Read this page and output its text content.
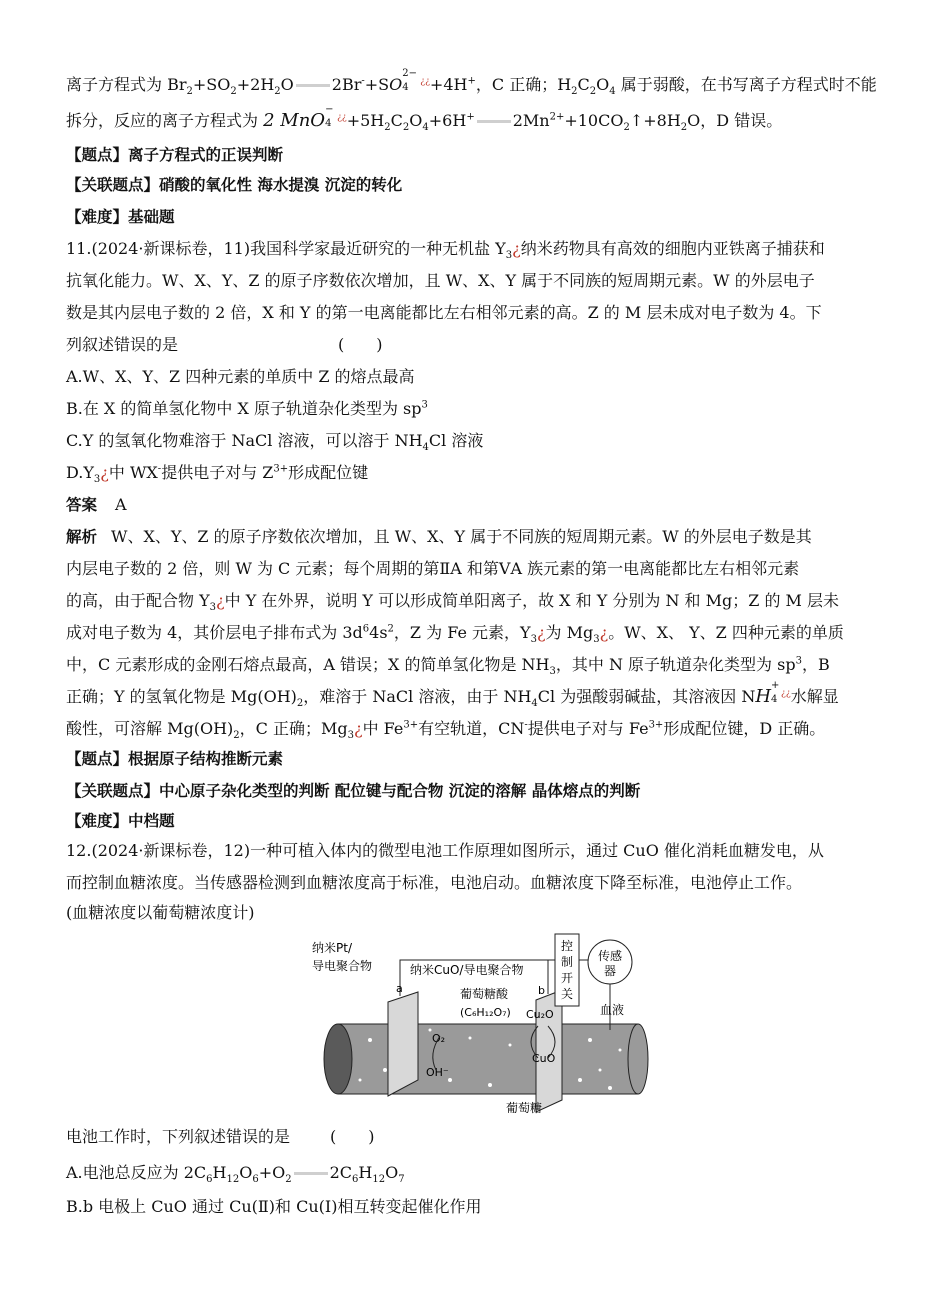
离子方程式为 $Br_2+SO_2+2H_2O$ 2Br-+SO
2−
4
¿¿+4H+，C 正确；$H_2C_2O_4$ 属于弱酸，在书写离子方程式时不能
拆分，反应的离子方程式为 2 MnO
−
4
$^{¿¿}+5H_2C_2O_4+6H^+$ $2Mn^{2+}+10CO_2↑+8H_2O$，D 错误。
【题点】离子方程式的正误判断
【关联题点】硝酸的氧化性 海水提溴 沉淀的转化
【难度】基础题
11.(2024·新课标卷，11)我国科学家最近研究的一种无机盐 $Y_3¿$纳米药物具有高效的细胞内亚铁离子捕获和
抗氧化能力。W、X、Y、Z 的原子序数依次增加，且 W、X、Y 属于不同族的短周期元素。W 的外层电子
数是其内层电子数的 2 倍，X 和 Y 的第一电离能都比左右相邻元素的高。Z 的 M 层未成对电子数为 4。下
列叙述错误的是	(　　)
A.W、X、Y、Z 四种元素的单质中 Z 的熔点最高
B.在 X 的简单氢化物中 X 原子轨道杂化类型为 $sp^3$
C.Y 的氢氧化物难溶于 NaCl 溶液，可以溶于 $NH_4Cl$ 溶液
$D.Y_3¿$中 WX-提供电子对与 $Z^{3+}$形成配位键
答案 A
解析 W、X、Y、Z 的原子序数依次增加，且 W、X、Y 属于不同族的短周期元素。W 的外层电子数是其
内层电子数的 2 倍，则 W 为 C 元素；每个周期的第ⅡA 和第ⅤA 族元素的第一电离能都比左右相邻元素
的高，由于配合物 $Y_3¿$中 Y 在外界，说明 Y 可以形成简单阳离子，故 X 和 Y 分别为 N 和 Mg；Z 的 M 层未
成对电子数为 4，其价层电子排布式为 $3d^64s^2$，Z 为 Fe 元素，$Y_3¿$为 $Mg_3¿$。W、X、 Y、Z 四种元素的单质
中，C 元素形成的金刚石熔点最高，A 错误；X 的简单氢化物是 $NH_3$，其中 N 原子轨道杂化类型为 $sp^3$，B
正确；Y 的氢氧化物是 $Mg(OH)_2$，难溶于 NaCl 溶液，由于 $NH_4Cl$ 为强酸弱碱盐，其溶液因 NH
+
4
¿¿水解显
酸性，可溶解 $Mg(OH)_2$，C 正确；$Mg_3¿$中 $Fe^{3+}$有空轨道，CN-提供电子对与 $Fe^{3+}$形成配位键，D 正确。
【题点】根据原子结构推断元素
【关联题点】中心原子杂化类型的判断 配位键与配合物 沉淀的溶解 晶体熔点的判断
【难度】中档题
12.(2024·新课标卷，12)一种可植入体内的微型电池工作原理如图所示，通过 CuO 催化消耗血糖发电，从
而控制血糖浓度。当传感器检测到血糖浓度高于标准，电池启动。血糖浓度下降至标准，电池停止工作。
(血糖浓度以葡萄糖浓度计)
控
制
开
关
传感
器
纳米Pt/
导电聚合物	纳米CuO/导电聚合物
a	b
葡萄糖酸
(C₆H₁₂O₇) Cu₂O
CuO
O₂
OH⁻
葡萄糖
血液
电池工作时，下列叙述错误的是	(　　)
A.电池总反应为 $2C_6H_{12}O_6+O_2$ $2C_6H_{12}O_7$
B.b 电极上 CuO 通过 Cu(Ⅱ)和 Cu(Ⅰ)相互转变起催化作用
